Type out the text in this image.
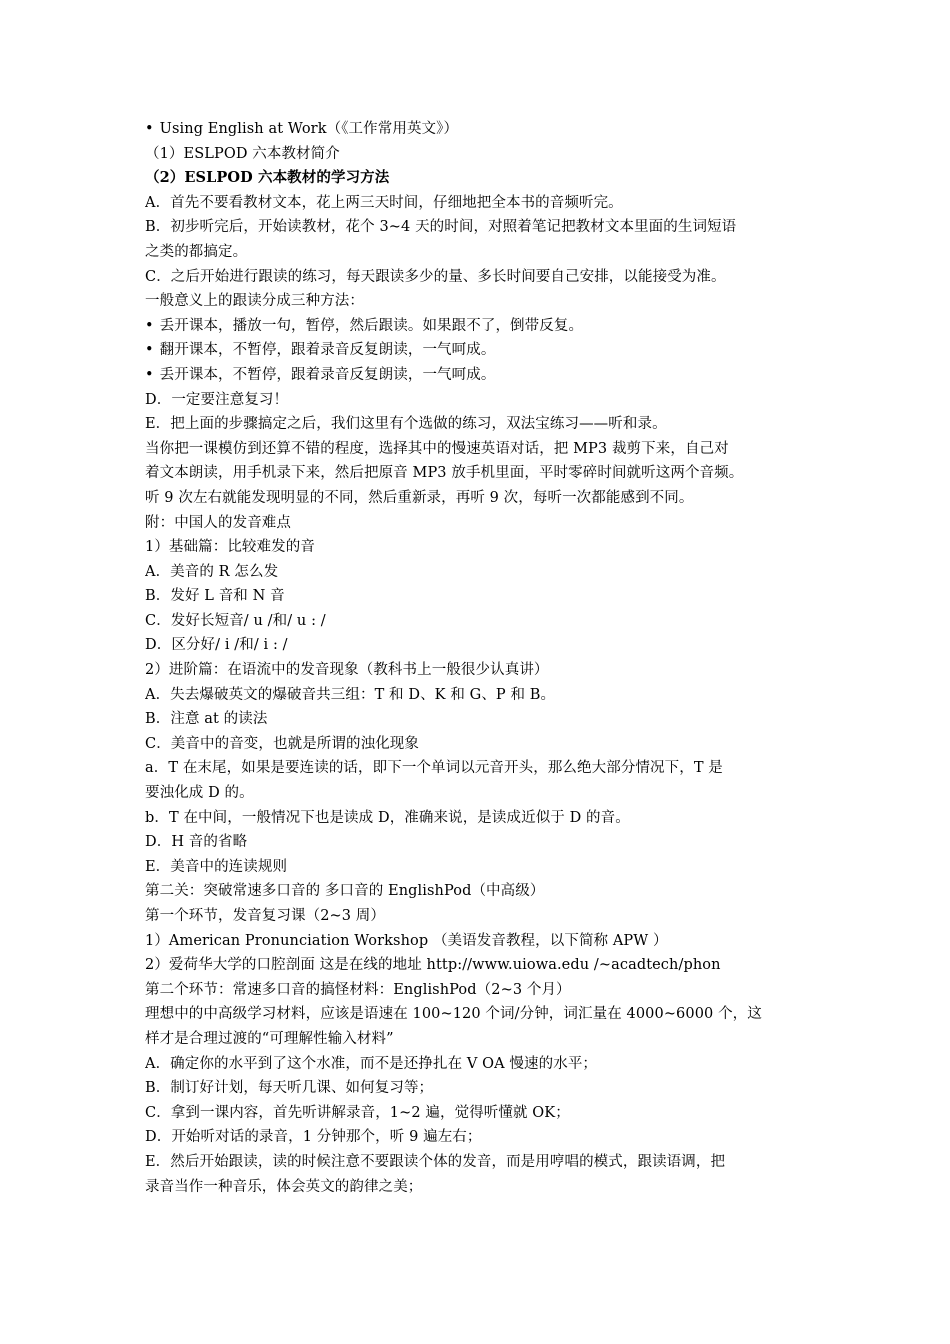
• Using English at Work（《工作常用英文》）
（1）ESLPOD 六本教材简介
（2）ESLPOD 六本教材的学习方法
A．首先不要看教材文本，花上两三天时间，仔细地把全本书的音频听完。
B．初步听完后，开始读教材，花个 3~4 天的时间，对照着笔记把教材文本里面的生词短语
之类的都搞定。
C．之后开始进行跟读的练习，每天跟读多少的量、多长时间要自己安排，以能接受为准。
一般意义上的跟读分成三种方法：
• 丢开课本，播放一句，暂停，然后跟读。如果跟不了，倒带反复。
• 翻开课本，不暂停，跟着录音反复朗读，一气呵成。
• 丢开课本，不暂停，跟着录音反复朗读，一气呵成。
D．一定要注意复习！
E．把上面的步骤搞定之后，我们这里有个选做的练习，双法宝练习——听和录。
当你把一课模仿到还算不错的程度，选择其中的慢速英语对话，把 MP3 裁剪下来，自己对
着文本朗读，用手机录下来，然后把原音 MP3 放手机里面，平时零碎时间就听这两个音频。
听 9 次左右就能发现明显的不同，然后重新录，再听 9 次，每听一次都能感到不同。
附：中国人的发音难点
1）基础篇：比较难发的音
A．美音的 R 怎么发
B．发好 L 音和 N 音
C．发好长短音/ u /和/ u : /
D．区分好/ i /和/ i : /
2）进阶篇：在语流中的发音现象（教科书上一般很少认真讲）
A．失去爆破英文的爆破音共三组：T 和 D、K 和 G、P 和 B。
B．注意 at 的读法
C．美音中的音变，也就是所谓的浊化现象
a．T 在末尾，如果是要连读的话，即下一个单词以元音开头，那么绝大部分情况下，T 是
要浊化成 D 的。
b．T 在中间，一般情况下也是读成 D，准确来说，是读成近似于 D 的音。
D．H 音的省略
E．美音中的连读规则
第二关：突破常速多口音的 多口音的 EnglishPod（中高级）
第一个环节，发音复习课（2~3 周）
1）American Pronunciation Workshop （美语发音教程，以下简称 APW ）
2）爱荷华大学的口腔剖面 这是在线的地址 http://www.uiowa.edu /~acadtech/phon
第二个环节：常速多口音的搞怪材料：EnglishPod（2~3 个月）
理想中的中高级学习材料，应该是语速在 100~120 个词/分钟，词汇量在 4000~6000 个，这
样才是合理过渡的“可理解性输入材料”
A．确定你的水平到了这个水准，而不是还挣扎在 V OA 慢速的水平；
B．制订好计划，每天听几课、如何复习等；
C．拿到一课内容，首先听讲解录音，1~2 遍，觉得听懂就 OK；
D．开始听对话的录音，1 分钟那个，听 9 遍左右；
E．然后开始跟读，读的时候注意不要跟读个体的发音，而是用哼唱的模式，跟读语调，把
录音当作一种音乐，体会英文的韵律之美；
